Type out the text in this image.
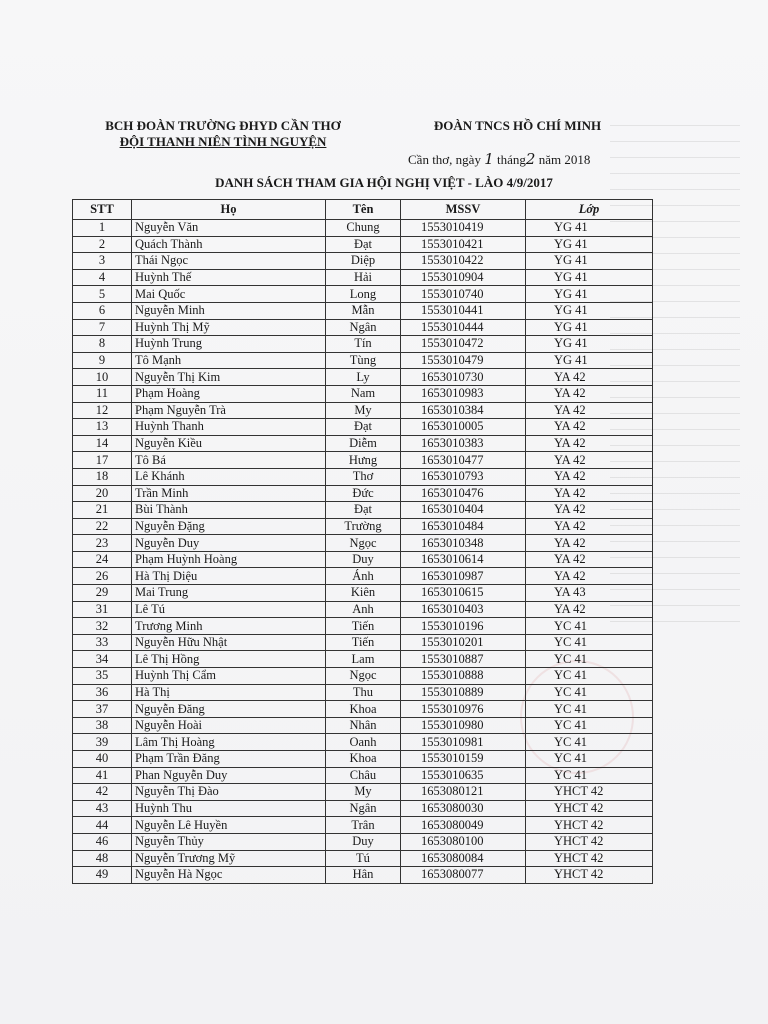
BCH ĐOÀN TRƯỜNG ĐHYD CẦN THƠ
ĐỘI THANH NIÊN TÌNH NGUYỆN
ĐOÀN TNCS HỒ CHÍ MINH
Cần thơ, ngày 1 tháng2 năm 2018
DANH SÁCH THAM GIA HỘI NGHỊ VIỆT - LÀO 4/9/2017
STT	Họ	Tên	MSSV	Lớp
1	Nguyễn Văn	Chung	1553010419	YG 41
2	Quách Thành	Đạt	1553010421	YG 41
3	Thái Ngọc	Diệp	1553010422	YG 41
4	Huỳnh Thế	Hải	1553010904	YG 41
5	Mai Quốc	Long	1553010740	YG 41
6	Nguyễn Minh	Mẫn	1553010441	YG 41
7	Huỳnh Thị Mỹ	Ngân	1553010444	YG 41
8	Huỳnh Trung	Tín	1553010472	YG 41
9	Tô Mạnh	Tùng	1553010479	YG 41
10	Nguyễn Thị Kim	Ly	1653010730	YA 42
11	Phạm Hoàng	Nam	1653010983	YA 42
12	Phạm Nguyễn Trà	My	1653010384	YA 42
13	Huỳnh Thanh	Đạt	1653010005	YA 42
14	Nguyễn Kiều	Diễm	1653010383	YA 42
17	Tô Bá	Hưng	1653010477	YA 42
18	Lê Khánh	Thơ	1653010793	YA 42
20	Trần Minh	Đức	1653010476	YA 42
21	Bùi Thành	Đạt	1653010404	YA 42
22	Nguyễn Đặng	Trường	1653010484	YA 42
23	Nguyễn Duy	Ngọc	1653010348	YA 42
24	Phạm Huỳnh Hoàng	Duy	1653010614	YA 42
26	Hà Thị Diệu	Ánh	1653010987	YA 42
29	Mai Trung	Kiên	1653010615	YA 43
31	Lê Tú	Anh	1653010403	YA 42
32	Trương Minh	Tiến	1553010196	YC 41
33	Nguyễn Hữu Nhật	Tiến	1553010201	YC 41
34	Lê Thị Hồng	Lam	1553010887	YC 41
35	Huỳnh Thị Cẩm	Ngọc	1553010888	YC 41
36	Hà Thị	Thu	1553010889	YC 41
37	Nguyễn Đăng	Khoa	1553010976	YC 41
38	Nguyễn Hoài	Nhân	1553010980	YC 41
39	Lâm Thị Hoàng	Oanh	1553010981	YC 41
40	Phạm Trần Đăng	Khoa	1553010159	YC 41
41	Phan Nguyễn Duy	Châu	1553010635	YC 41
42	Nguyễn Thị Đào	My	1653080121	YHCT 42
43	Huỳnh Thu	Ngân	1653080030	YHCT 42
44	Nguyễn Lê Huyền	Trân	1653080049	YHCT 42
46	Nguyễn Thủy	Duy	1653080100	YHCT 42
48	Nguyễn Trương Mỹ	Tú	1653080084	YHCT 42
49	Nguyễn Hà Ngọc	Hân	1653080077	YHCT 42
